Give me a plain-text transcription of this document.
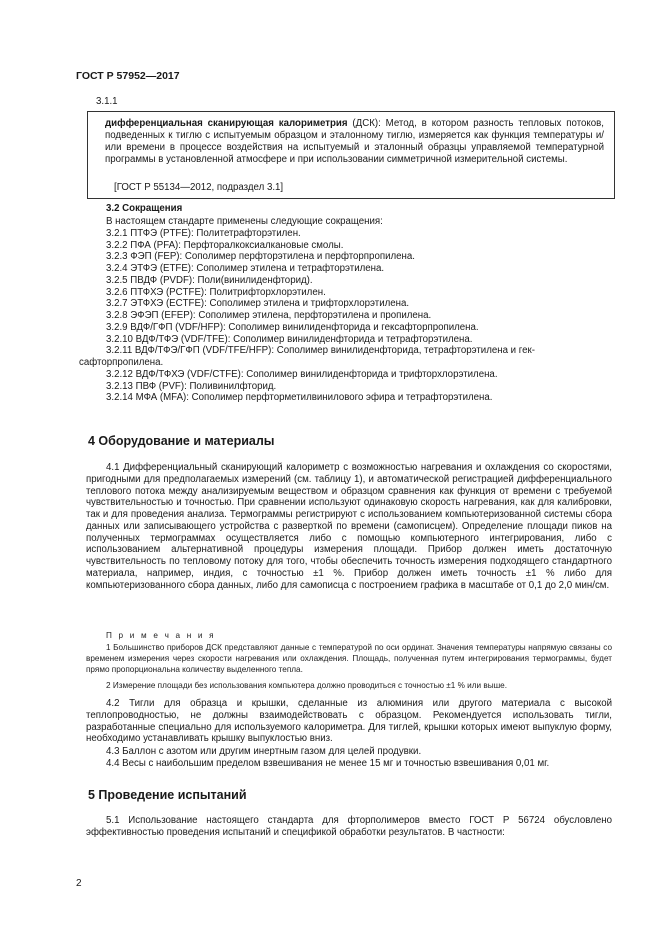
ГОСТ Р 57952—2017
3.1.1
дифференциальная сканирующая калориметрия (ДСК): Метод, в котором разность тепловых потоков, подведенных к тиглю с испытуемым образцом и эталонному тиглю, измеряется как функция температуры и/или времени в процессе воздействия на испытуемый и эталонный образцы управляемой температурной программы в установленной атмосфере и при использовании симметричной измерительной системы.
[ГОСТ Р 55134—2012, подраздел 3.1]
3.2 Сокращения
В настоящем стандарте применены следующие сокращения:
3.2.1 ПТФЭ (PTFE): Политетрафторэтилен.
3.2.2 ПФА (PFA): Перфторалкоксиалкановые смолы.
3.2.3 ФЭП (FEP): Сополимер перфторэтилена и перфторпропилена.
3.2.4 ЭТФЭ (ETFE): Сополимер этилена и тетрафторэтилена.
3.2.5 ПВДФ (PVDF): Поли(винилиденфторид).
3.2.6 ПТФХЭ (PCTFE): Политрифторхлорэтилен.
3.2.7 ЭТФХЭ (ECTFE): Сополимер этилена и трифторхлорэтилена.
3.2.8 ЭФЭП (EFEP): Сополимер этилена, перфторэтилена и пропилена.
3.2.9 ВДФ/ГФП (VDF/HFP): Сополимер винилиденфторида и гексафторпропилена.
3.2.10 ВДФ/ТФЭ (VDF/TFE): Сополимер винилиденфторида и тетрафторэтилена.
3.2.11 ВДФ/ТФЭ/ГФП (VDF/TFE/HFP): Сополимер винилиденфторида, тетрафторэтилена и гек-
сафторпропилена.
3.2.12 ВДФ/ТФХЭ (VDF/CTFE): Сополимер винилиденфторида и трифторхлорэтилена.
3.2.13 ПВФ (PVF): Поливинилфторид.
3.2.14 МФА (MFA): Сополимер перфторметилвинилового эфира и тетрафторэтилена.
4 Оборудование и материалы
4.1 Дифференциальный сканирующий калориметр с возможностью нагревания и охлаждения со скоростями, пригодными для предполагаемых измерений (см. таблицу 1), и автоматической регистрацией дифференциального теплового потока между анализируемым веществом и образцом сравнения как функция от времени с требуемой чувствительностью и точностью. При сравнении используют одинаковую скорость нагревания, как для калибровки, так и для проведения анализа. Термограммы регистрируют с использованием компьютеризованной системы сбора данных или записывающего устройства с разверткой по времени (самописцем). Определение площади пиков на полученных термограммах осуществляется либо с помощью компьютерного интегрирования, либо с использованием альтернативной процедуры измерения площади. Прибор должен иметь достаточную чувствительность по тепловому потоку для того, чтобы обеспечить точность измерения подходящего стандартного материала, например, индия, с точностью ±1 %. Прибор должен иметь точность ±1 % либо для компьютеризованного сбора данных, либо для самописца с построением графика в масштабе от 0,1 до 2,0 мин/см.
П р и м е ч а н и я
1 Большинство приборов ДСК представляют данные с температурой по оси ординат. Значения температуры напрямую связаны со временем измерения через скорости нагревания или охлаждения. Площадь, полученная путем интегрирования термограммы, будет прямо пропорциональна количеству выделенного тепла.
2 Измерение площади без использования компьютера должно проводиться с точностью ±1 % или выше.
4.2 Тигли для образца и крышки, сделанные из алюминия или другого материала с высокой теплопроводностью, не должны взаимодействовать с образцом. Рекомендуется использовать тигли, разработанные специально для используемого калориметра. Для тиглей, крышки которых имеют выпуклую форму, необходимо устанавливать крышку выпуклостью вниз.
4.3 Баллон с азотом или другим инертным газом для целей продувки.
4.4 Весы с наибольшим пределом взвешивания не менее 15 мг и точностью взвешивания 0,01 мг.
5 Проведение испытаний
5.1 Использование настоящего стандарта для фторполимеров вместо ГОСТ Р 56724 обусловлено эффективностью проведения испытаний и спецификой обработки результатов. В частности:
2
